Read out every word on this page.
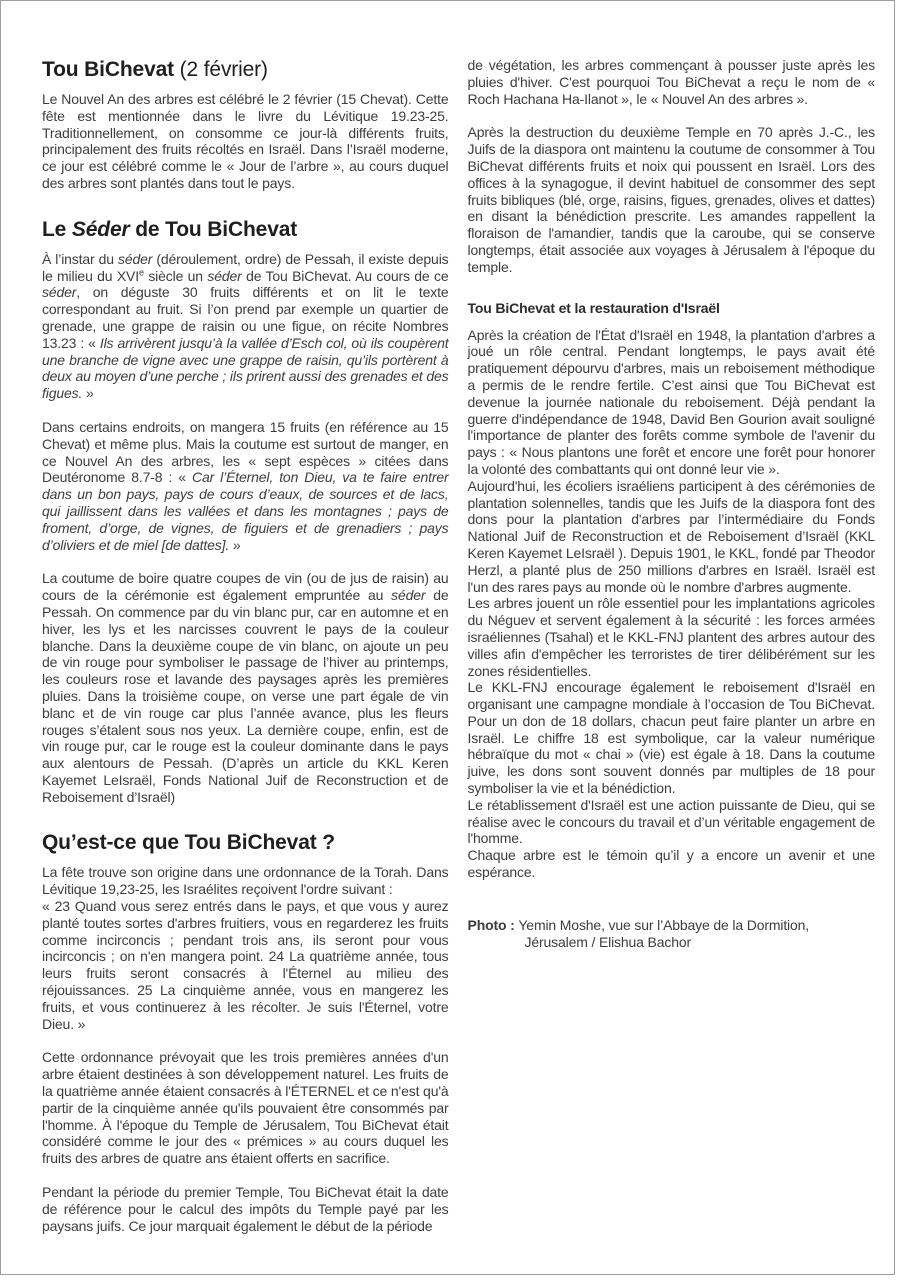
Tou BiChevat (2 février)

Le Nouvel An des arbres est célébré le 2 février (15 Chevat). Cette fête est mentionnée dans le livre du Lévitique 19.23-25. Traditionnellement, on consomme ce jour-là différents fruits, principalement des fruits récoltés en Israël. Dans l’Israël moderne, ce jour est célébré comme le « Jour de l’arbre », au cours duquel des arbres sont plantés dans tout le pays.

Le Séder de Tou BiChevat

À l’instar du séder (déroulement, ordre) de Pessah, il existe depuis le milieu du XVIe siècle un séder de Tou BiChevat. Au cours de ce séder, on déguste 30 fruits différents et on lit le texte correspondant au fruit. Si l’on prend par exemple un quartier de grenade, une grappe de raisin ou une figue, on récite Nombres 13.23 : « Ils arrivèrent jusqu’à la vallée d’Esch col, où ils coupèrent une branche de vigne avec une grappe de raisin, qu’ils portèrent à deux au moyen d’une perche ; ils prirent aussi des grenades et des figues. »

Dans certains endroits, on mangera 15 fruits (en référence au 15 Chevat) et même plus. Mais la coutume est surtout de manger, en ce Nouvel An des arbres, les « sept espèces » citées dans Deutéronome 8.7-8 : « Car l’Éternel, ton Dieu, va te faire entrer dans un bon pays, pays de cours d’eaux, de sources et de lacs, qui jaillissent dans les vallées et dans les montagnes ; pays de froment, d’orge, de vignes, de figuiers et de grenadiers ; pays d’oliviers et de miel [de dattes]. »

La coutume de boire quatre coupes de vin (ou de jus de raisin) au cours de la cérémonie est également empruntée au séder de Pessah. On commence par du vin blanc pur, car en automne et en hiver, les lys et les narcisses couvrent le pays de la couleur blanche. Dans la deuxième coupe de vin blanc, on ajoute un peu de vin rouge pour symboliser le passage de l’hiver au printemps, les couleurs rose et lavande des paysages après les premières pluies. Dans la troisième coupe, on verse une part égale de vin blanc et de vin rouge car plus l’année avance, plus les fleurs rouges s’étalent sous nos yeux. La dernière coupe, enfin, est de vin rouge pur, car le rouge est la couleur dominante dans le pays aux alentours de Pessah. (D’après un article du KKL Keren Kayemet LeIsraël, Fonds National Juif de Reconstruction et de Reboisement d’Israël)

Qu’est-ce que Tou BiChevat ?

La fête trouve son origine dans une ordonnance de la Torah. Dans Lévitique 19,23-25, les Israélites reçoivent l'ordre suivant :
« 23 Quand vous serez entrés dans le pays, et que vous y aurez planté toutes sortes d'arbres fruitiers, vous en regarderez les fruits comme incirconcis ; pendant trois ans, ils seront pour vous incirconcis ; on n'en mangera point. 24 La quatrième année, tous leurs fruits seront consacrés à l'Éternel au milieu des réjouissances. 25 La cinquième année, vous en mangerez les fruits, et vous continuerez à les récolter. Je suis l'Éternel, votre Dieu. »

Cette ordonnance prévoyait que les trois premières années d'un arbre étaient destinées à son développement naturel. Les fruits de la quatrième année étaient consacrés à l'ÉTERNEL et ce n'est qu'à partir de la cinquième année qu'ils pouvaient être consommés par l'homme. À l'époque du Temple de Jérusalem, Tou BiChevat était considéré comme le jour des « prémices » au cours duquel les fruits des arbres de quatre ans étaient offerts en sacrifice.

Pendant la période du premier Temple, Tou BiChevat était la date de référence pour le calcul des impôts du Temple payé par les paysans juifs. Ce jour marquait également le début de la période

de végétation, les arbres commençant à pousser juste après les pluies d'hiver. C'est pourquoi Tou BiChevat a reçu le nom de « Roch Hachana Ha-Ilanot », le « Nouvel An des arbres ».

Après la destruction du deuxième Temple en 70 après J.-C., les Juifs de la diaspora ont maintenu la coutume de consommer à Tou BiChevat différents fruits et noix qui poussent en Israël. Lors des offices à la synagogue, il devint habituel de consommer des sept fruits bibliques (blé, orge, raisins, figues, grenades, olives et dattes) en disant la bénédiction prescrite. Les amandes rappellent la floraison de l'amandier, tandis que la caroube, qui se conserve longtemps, était associée aux voyages à Jérusalem à l'époque du temple.

Tou BiChevat et la restauration d'Israël

Après la création de l'État d'Israël en 1948, la plantation d'arbres a joué un rôle central. Pendant longtemps, le pays avait été pratiquement dépourvu d'arbres, mais un reboisement méthodique a permis de le rendre fertile. C’est ainsi que Tou BiChevat est devenue la journée nationale du reboisement. Déjà pendant la guerre d'indépendance de 1948, David Ben Gourion avait souligné l'importance de planter des forêts comme symbole de l'avenir du pays : « Nous plantons une forêt et encore une forêt pour honorer la volonté des combattants qui ont donné leur vie ».
Aujourd'hui, les écoliers israéliens participent à des cérémonies de plantation solennelles, tandis que les Juifs de la diaspora font des dons pour la plantation d'arbres par l’intermédiaire du Fonds National Juif de Reconstruction et de Reboisement d’Israël (KKL Keren Kayemet LeIsraël ). Depuis 1901, le KKL, fondé par Theodor Herzl, a planté plus de 250 millions d'arbres en Israël. Israël est l'un des rares pays au monde où le nombre d'arbres augmente.
Les arbres jouent un rôle essentiel pour les implantations agricoles du Néguev et servent également à la sécurité : les forces armées israéliennes (Tsahal) et le KKL-FNJ plantent des arbres autour des villes afin d'empêcher les terroristes de tirer délibérément sur les zones résidentielles.
Le KKL-FNJ encourage également le reboisement d'Israël en organisant une campagne mondiale à l’occasion de Tou BiChevat. Pour un don de 18 dollars, chacun peut faire planter un arbre en Israël. Le chiffre 18 est symbolique, car la valeur numérique hébraïque du mot « chai » (vie) est égale à 18. Dans la coutume juive, les dons sont souvent donnés par multiples de 18 pour symboliser la vie et la bénédiction.
Le rétablissement d'Israël est une action puissante de Dieu, qui se réalise avec le concours du travail et d’un véritable engagement de l'homme.
Chaque arbre est le témoin qu’il y a encore un avenir et une espérance.

Photo : Yemin Moshe, vue sur l’Abbaye de la Dormition, Jérusalem / Elishua Bachor
